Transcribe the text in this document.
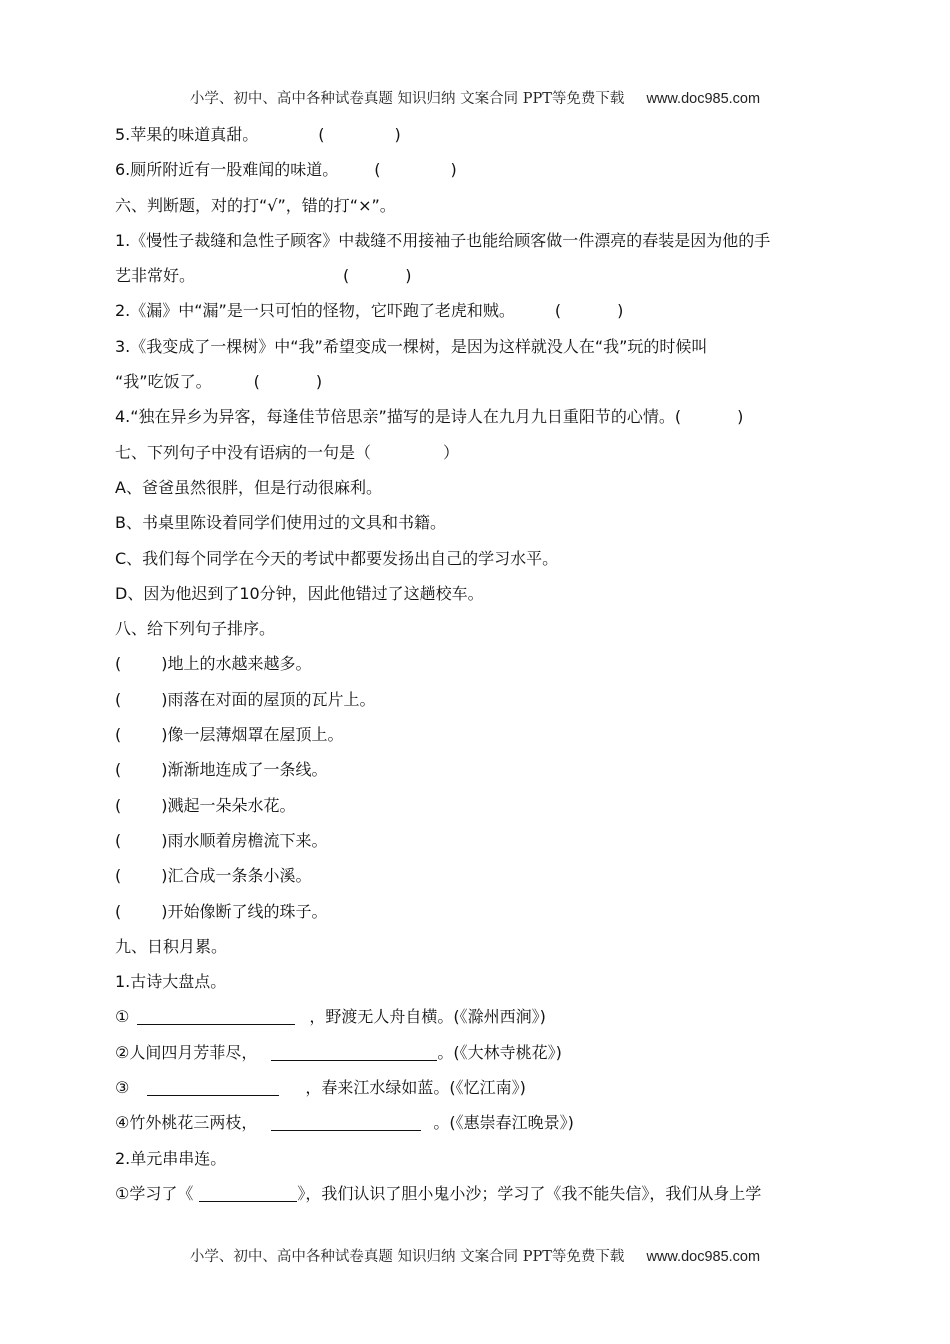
小学、初中、高中各种试卷真题 知识归纳 文案合同 PPT等免费下载 www.doc985.com
5.苹果的味道真甜。	(	)
6.厕所附近有一股难闻的味道。 (	)
六、判断题，对的打“√”，错的打“×”。
1.《慢性子裁缝和急性子顾客》中裁缝不用接袖子也能给顾客做一件漂亮的春装是因为他的手
艺非常好。	(	)
2.《漏》中“漏”是一只可怕的怪物，它吓跑了老虎和贼。	(	)
3.《我变成了一棵树》中“我”希望变成一棵树，是因为这样就没人在“我”玩的时候叫
“我”吃饭了。	(	)
4.“独在异乡为异客，每逢佳节倍思亲”描写的是诗人在九月九日重阳节的心情。(	)
七、下列句子中没有语病的一句是（	）
A、爸爸虽然很胖，但是行动很麻利。
B、书桌里陈设着同学们使用过的文具和书籍。
C、我们每个同学在今天的考试中都要发扬出自己的学习水平。
D、因为他迟到了10分钟，因此他错过了这趟校车。
八、给下列句子排序。
(	)地上的水越来越多。
(	)雨落在对面的屋顶的瓦片上。
(	)像一层薄烟罩在屋顶上。
(	)渐渐地连成了一条线。
(	)溅起一朵朵水花。
(	)雨水顺着房檐流下来。
(	)汇合成一条条小溪。
(	)开始像断了线的珠子。
九、日积月累。
1.古诗大盘点。
①	，野渡无人舟自横。(《滁州西涧》)
②人间四月芳菲尽，	。(《大林寺桃花》)
③	，春来江水绿如蓝。(《忆江南》)
④竹外桃花三两枝，	。(《惠崇春江晚景》)
2.单元串串连。
①学习了《	》，我们认识了胆小鬼小沙；学习了《我不能失信》，我们从身上学
小学、初中、高中各种试卷真题 知识归纳 文案合同 PPT等免费下载 www.doc985.com
